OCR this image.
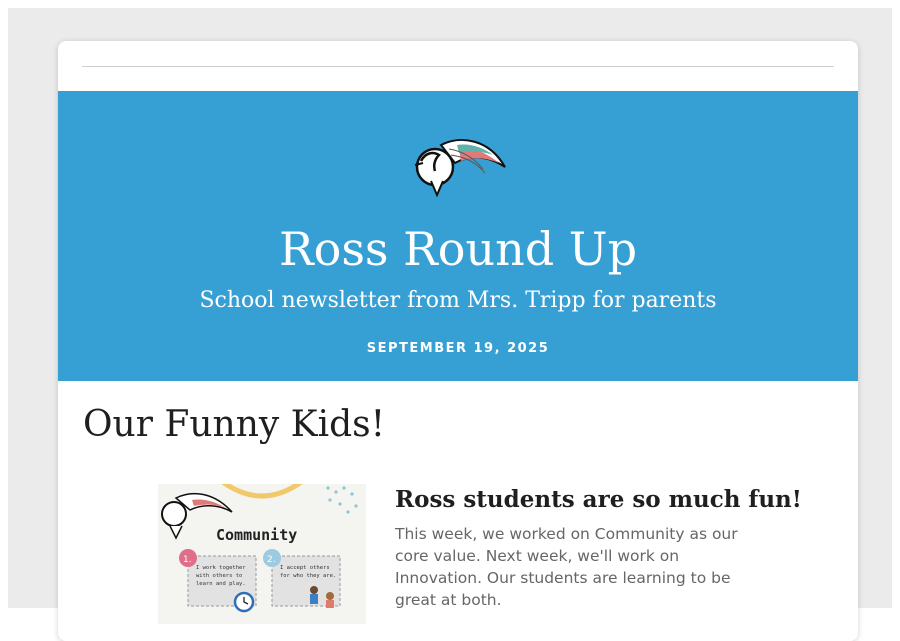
Ross Round Up
School newsletter from Mrs. Tripp for parents
SEPTEMBER 19, 2025
Our Funny Kids!
Community
1.
I work together with others to learn and play.
2.
I accept others for who they are.
Ross students are so much fun!

This week, we worked on Community as our core value. Next week, we'll work on Innovation. Our students are learning to be great at both.
